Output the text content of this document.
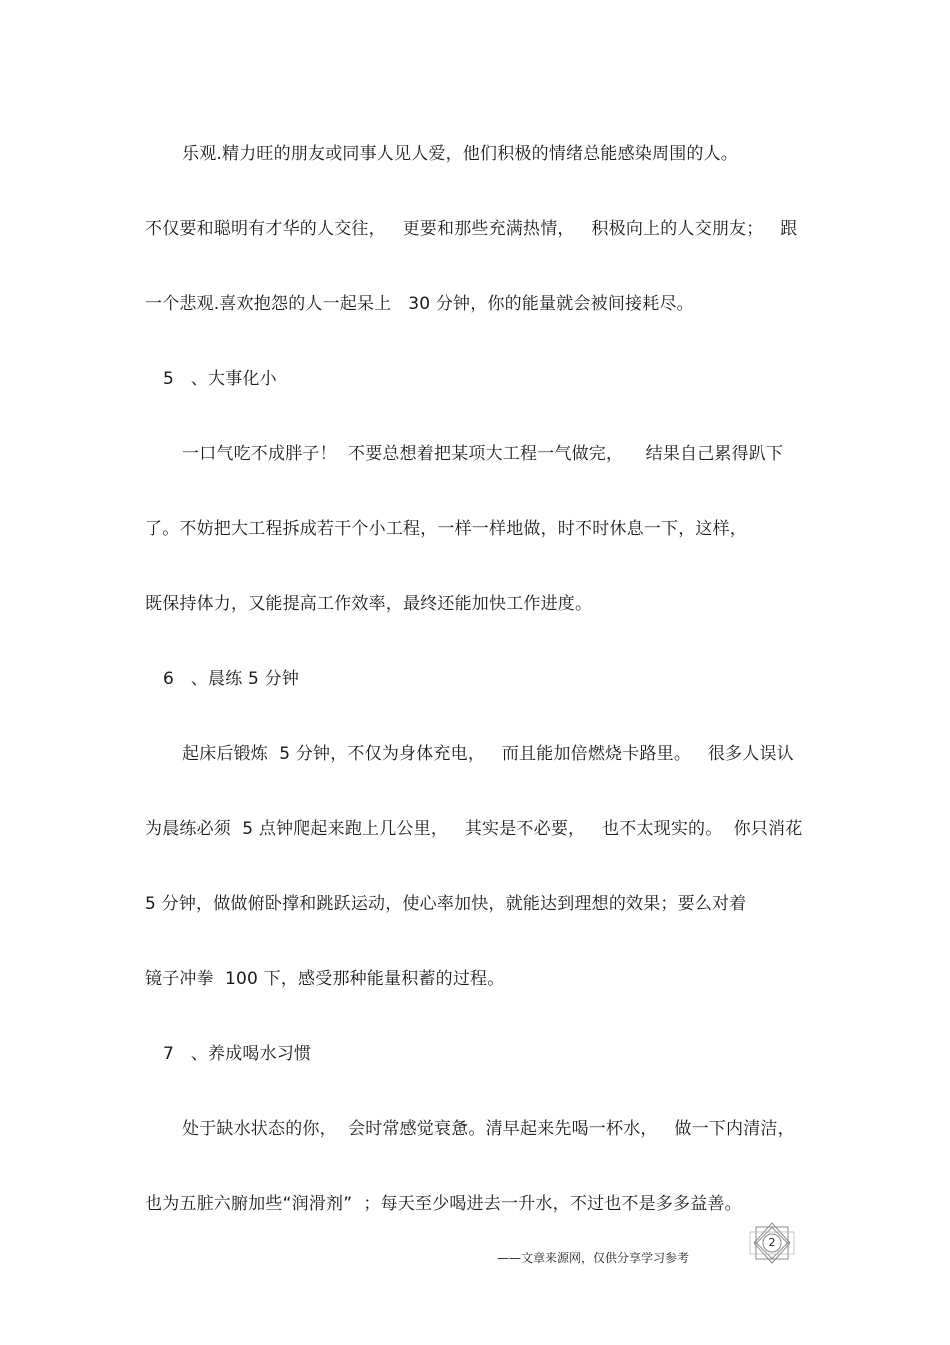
乐观.精力旺的朋友或同事人见人爱，他们积极的情绪总能感染周围的人。
不仅要和聪明有才华的人交往，   更要和那些充满热情，   积极向上的人交朋友；   跟
一个悲观.喜欢抱怨的人一起呆上   30 分钟，你的能量就会被间接耗尽。
5   、大事化小
一口气吃不成胖子！  不要总想着把某项大工程一气做完，    结果自己累得趴下
了。不妨把大工程拆成若干个小工程，一样一样地做，时不时休息一下，这样，
既保持体力，又能提高工作效率，最终还能加快工作进度。
6   、晨练 5 分钟
起床后锻炼  5 分钟，不仅为身体充电，   而且能加倍燃烧卡路里。   很多人误认
为晨练必须  5 点钟爬起来跑上几公里，   其实是不必要，   也不太现实的。  你只消花
5 分钟，做做俯卧撑和跳跃运动，使心率加快，就能达到理想的效果；要么对着
镜子冲拳  100 下，感受那种能量积蓄的过程。
7   、养成喝水习惯
处于缺水状态的你，  会时常感觉衰惫。清早起来先喝一杯水，   做一下内清洁，
也为五脏六腑加些“润滑剂”  ；每天至少喝进去一升水，不过也不是多多益善。
2
——文章来源网，仅供分享学习参考
